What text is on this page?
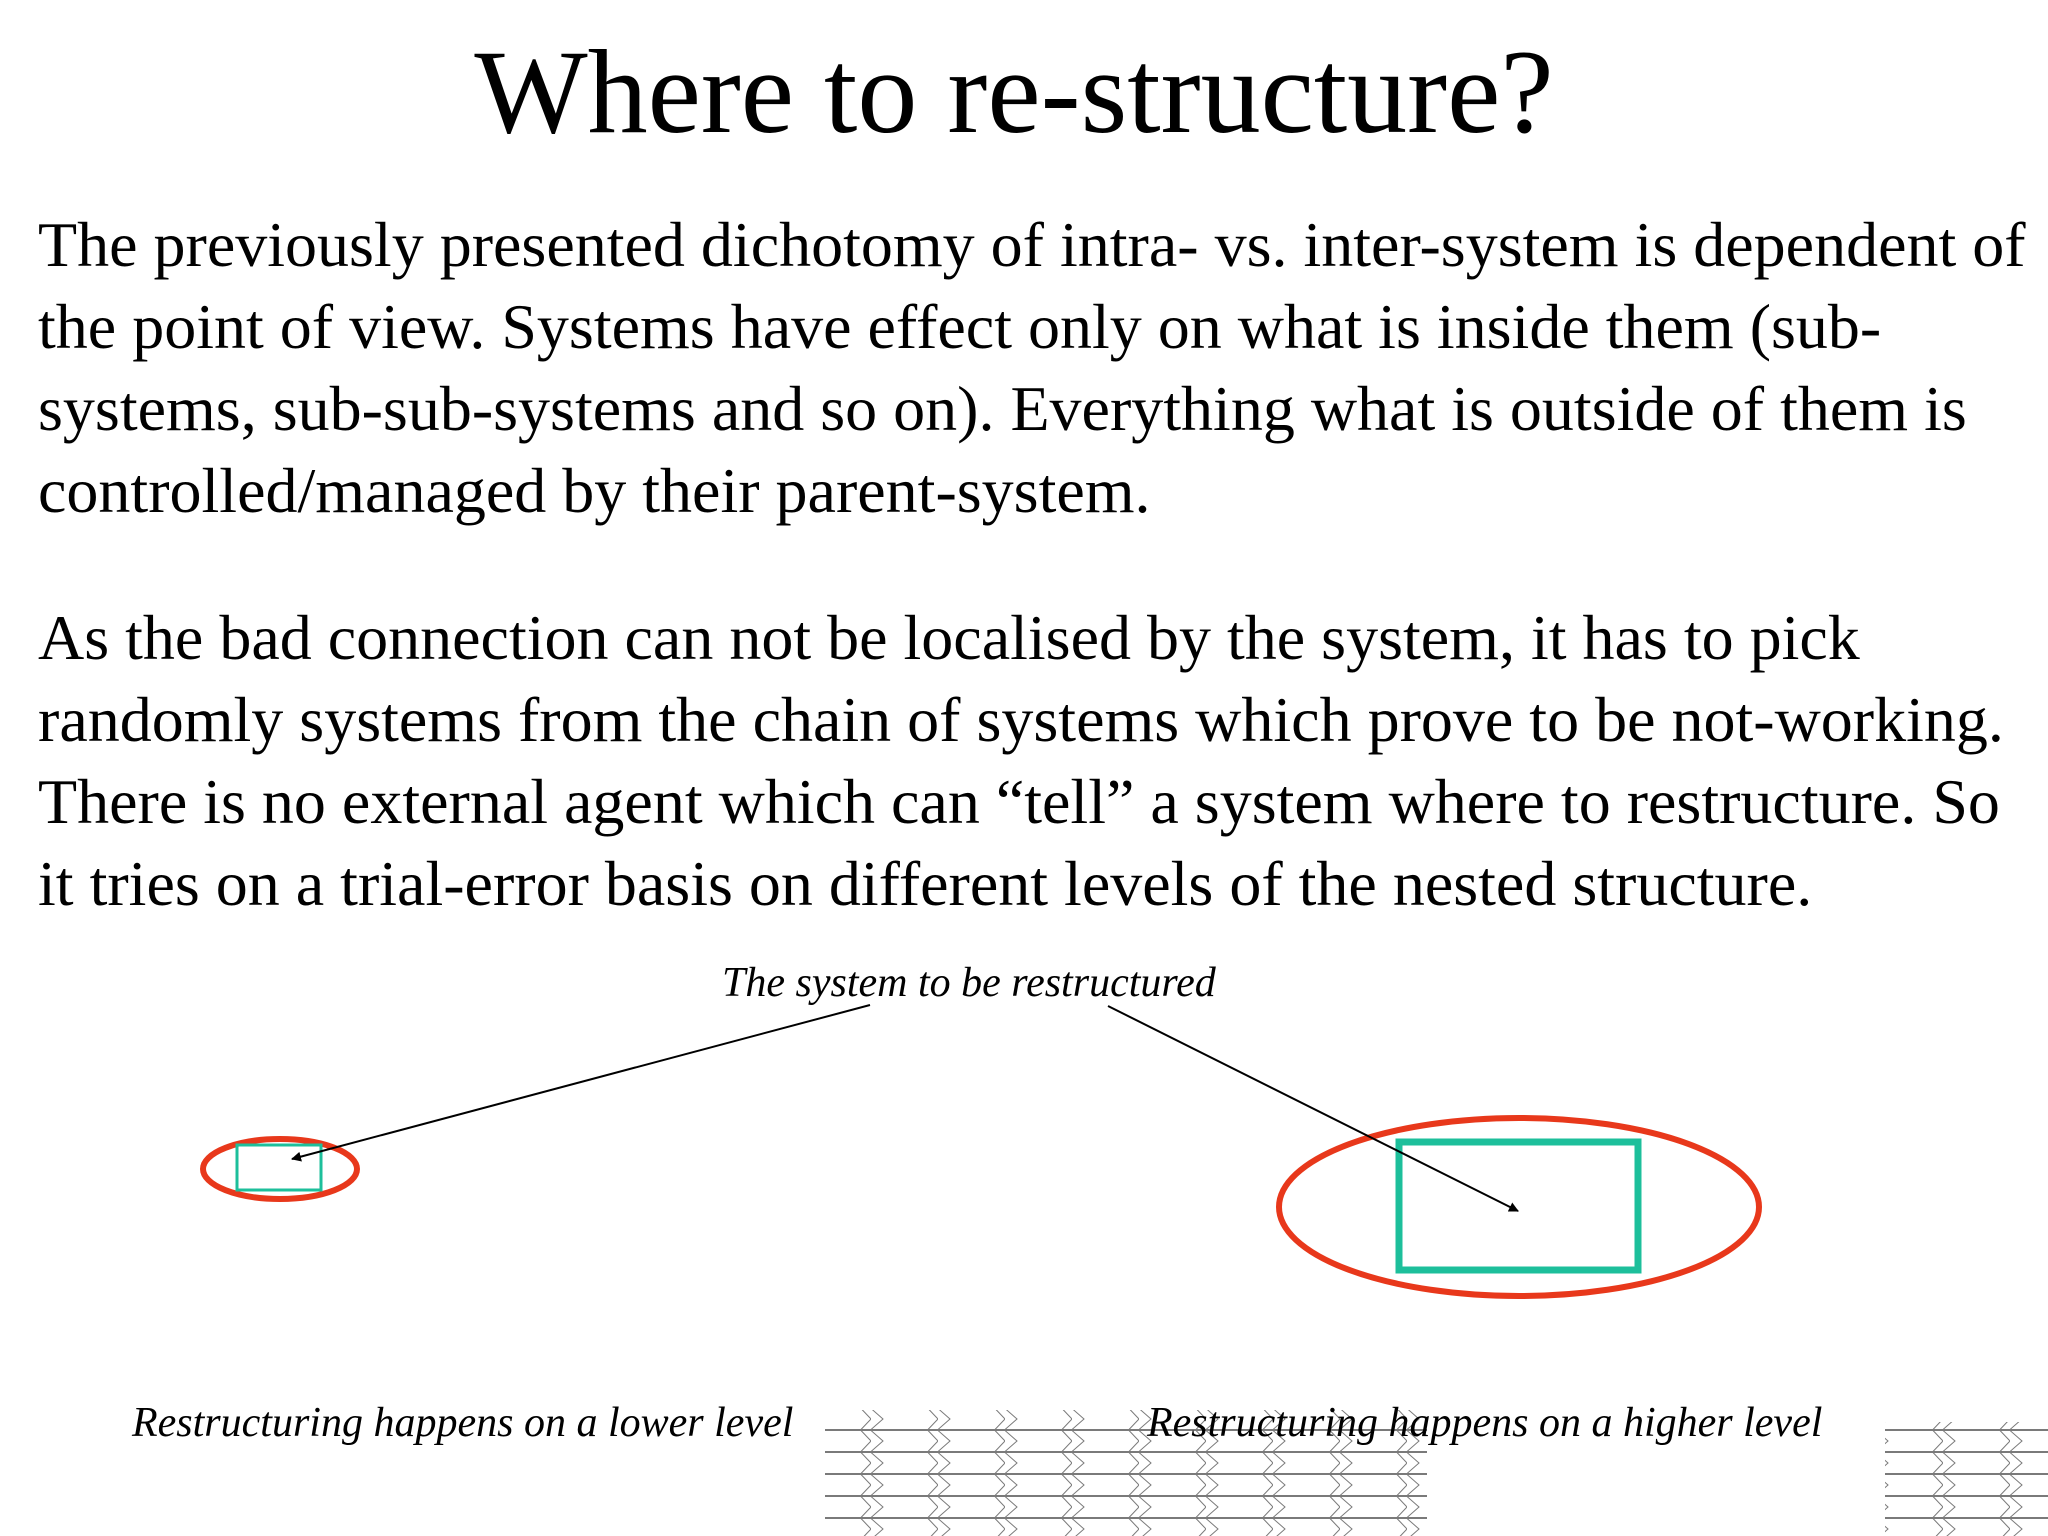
Where to re-structure?

The previously presented dichotomy of intra- vs. inter-system is dependent of the point of view. Systems have effect only on what is inside them (sub-systems, sub-sub-systems and so on). Everything what is outside of them is controlled/managed by their parent-system.

As the bad connection can not be localised by the system, it has to pick randomly systems from the chain of systems which prove to be not-working. There is no external agent which can “tell” a system where to restructure. So it tries on a trial-error basis on different levels of the nested structure.

The system to be restructured
Restructuring happens on a lower level	Restructuring happens on a higher level
